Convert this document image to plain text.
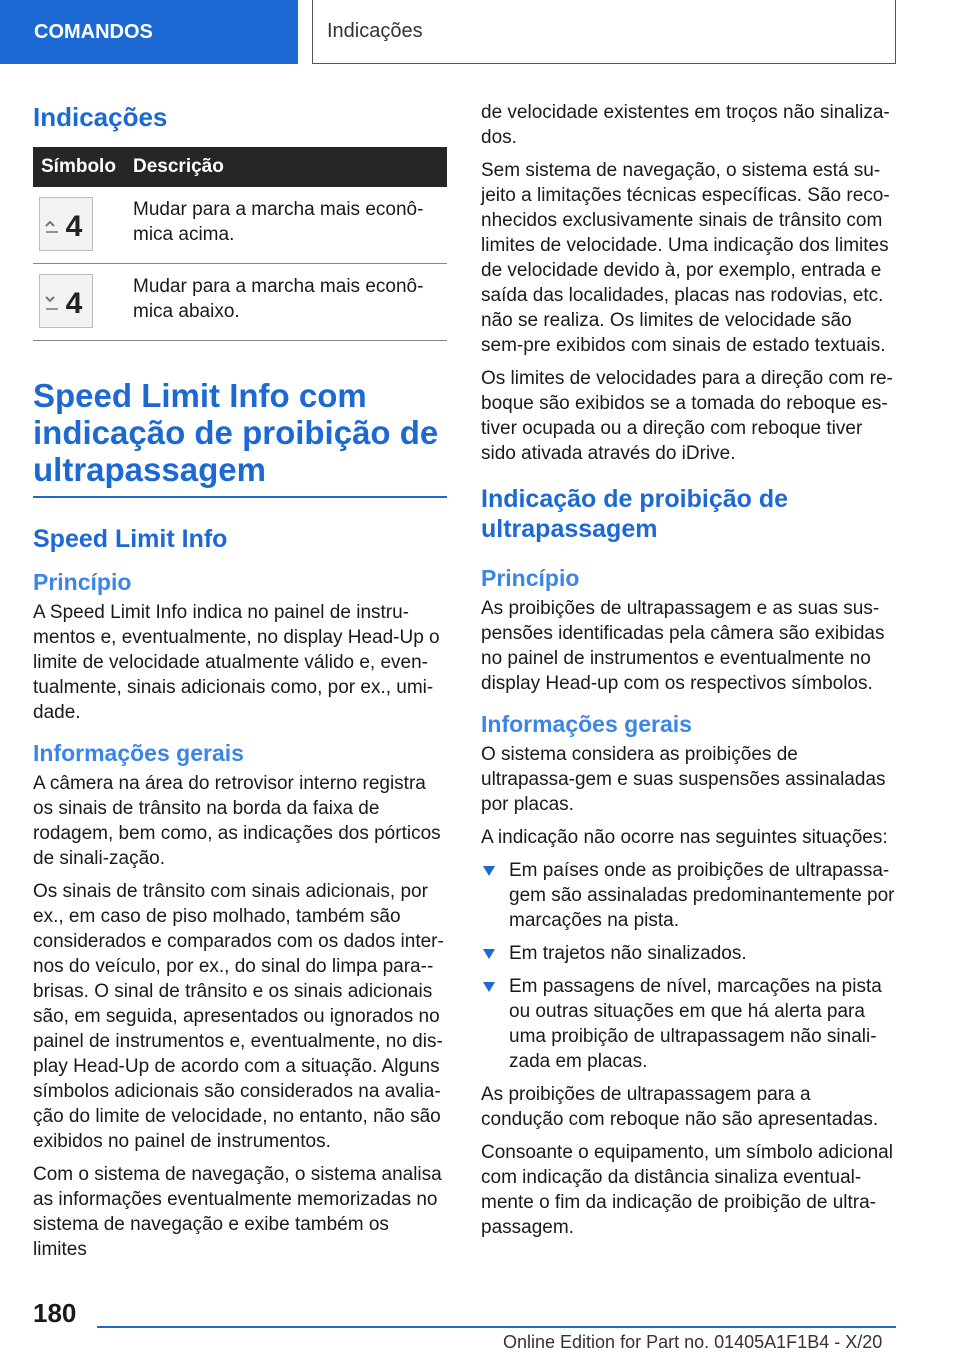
COMANDOS	Indicações
Indicações
Símbolo	Descrição

4	Mudar para a marcha mais econô-mica acima.

4	Mudar para a marcha mais econô-mica abaixo.
Speed Limit Info com indicação de proibição de ultrapassagem
Speed Limit Info
Princípio

A Speed Limit Info indica no painel de instru-mentos e, eventualmente, no display Head-Up o limite de velocidade atualmente válido e, even-tualmente, sinais adicionais como, por ex., umi-dade.

Informações gerais

A câmera na área do retrovisor interno registra os sinais de trânsito na borda da faixa de rodagem, bem como, as indicações dos pórticos de sinali-zação.

Os sinais de trânsito com sinais adicionais, por ex., em caso de piso molhado, também são considerados e comparados com os dados inter-nos do veículo, por ex., do sinal do limpa para--brisas. O sinal de trânsito e os sinais adicionais são, em seguida, apresentados ou ignorados no painel de instrumentos e, eventualmente, no dis-play Head-Up de acordo com a situação. Alguns símbolos adicionais são considerados na avalia-ção do limite de velocidade, no entanto, não são exibidos no painel de instrumentos.

Com o sistema de navegação, o sistema analisa as informações eventualmente memorizadas no sistema de navegação e exibe também os limites

de velocidade existentes em troços não sinaliza-dos.

Sem sistema de navegação, o sistema está su-jeito a limitações técnicas específicas. São reco-nhecidos exclusivamente sinais de trânsito com limites de velocidade. Uma indicação dos limites de velocidade devido à, por exemplo, entrada e saída das localidades, placas nas rodovias, etc. não se realiza. Os limites de velocidade são sem-pre exibidos com sinais de estado textuais.

Os limites de velocidades para a direção com re-boque são exibidos se a tomada do reboque es-tiver ocupada ou a direção com reboque tiver sido ativada através do iDrive.

Indicação de proibição de ultrapassagem
Princípio

As proibições de ultrapassagem e as suas sus-pensões identificadas pela câmera são exibidas no painel de instrumentos e eventualmente no display Head-up com os respectivos símbolos.

Informações gerais

O sistema considera as proibições de ultrapassa-gem e suas suspensões assinaladas por placas.

A indicação não ocorre nas seguintes situações:

Em países onde as proibições de ultrapassa-gem são assinaladas predominantemente por marcações na pista.
Em trajetos não sinalizados.
Em passagens de nível, marcações na pista ou outras situações em que há alerta para uma proibição de ultrapassagem não sinali-zada em placas.

As proibições de ultrapassagem para a condução com reboque não são apresentadas.

Consoante o equipamento, um símbolo adicional com indicação da distância sinaliza eventual-mente o fim da indicação de proibição de ultra-passagem.

180
Online Edition for Part no. 01405A1F1B4 - X/20
